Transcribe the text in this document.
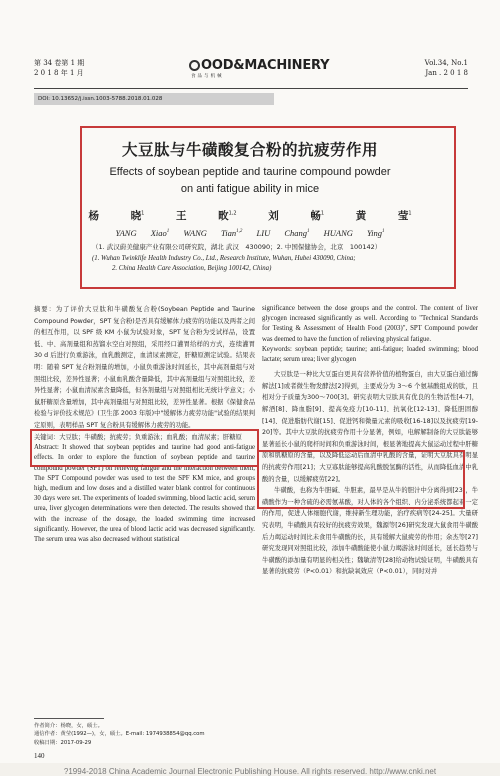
第 34 卷第 1 期
2 0 1 8 年 1 月	OOD&MACHINERY
食 品 与 机 械
Vol.34, No.1
Jan . 2 0 1 8
DOI: 10.13652/j.issn.1003-5788.2018.01.028
大豆肽与牛磺酸复合粉的抗疲劳作用
Effects of soybean peptide and taurine compound powder
on anti fatigue ability in mice
杨 晓$^1$	王 畋$^{1,2}$	刘 畅$^1$	黄 莹$^1$
YANG Xiao$^1$ WANG Tian$^{1,2}$ LIU Chang$^1$ HUANG Ying$^1$
（1. 武汉蔚美健康产业有限公司研究院，湖北 武汉　430090；2. 中国保健协会，北京　100142）
(1. Wuhan Twinklife Health Industry Co., Ltd., Research Institute, Wuhan, Hubei 430090, China;
2. China Health Care Association, Beijing 100142, China)

摘要：为了评价大豆肽和牛磺酸复合粉(Soybean Peptide and Taurine Compound Powder，SPT 复合粉)是否具有缓解体力疲劳的功能以及两者之间的相互作用，以 SPF 级 KM 小鼠为试验对象，SPT 复合粉为受试样品，设置低、中、高剂量组和蒸馏水空白对照组，采用经口灌胃给样的方式，连续灌胃 30 d 后进行负重游泳，血乳酸测定，血清尿素测定，肝糖原测定试验。结果表明：随着 SPT 复合粉剂量的增加，小鼠负重游泳时间延长，其中高剂量组与对照组比较，差异性显著；小鼠血乳酸含量降低，其中高剂量组与对照组比较，差异性显著；小鼠血清尿素含量降低，但各剂量组与对照组相比无统计学意义；小鼠肝糖原含量增加，其中高剂量组与对照组比较，差异性显著。根据《保健食品检验与评价技术规范》(卫生部 2003 年版)中"缓解体力疲劳功能"试验的结果判定原则，表明样品 SPT 复合粉具有缓解体力疲劳的功能。

关键词：大豆肽；牛磺酸；抗疲劳；负重游泳；血乳酸；血清尿素；肝糖原

Abstract: It showed that soybean peptides and taurine had good anti-fatigue effects. In order to explore the function of soybean peptide and taurine compound powder (SPT) on relieving fatigue and the interaction between them, The SPT Compound powder was used to test the SPF KM mice, and groups high, medium and low doses and a distilled water blank control for continuous 30 days were set. The experiments of loaded swimming, blood lactic acid, serum urea, liver glycogen determinations were then detected. The results showed that with the increase of the dosage, the loaded swimming time increased significantly. However, the urea of blood lactic acid was decreased significantly. The serum urea was also decreased without statistical

significance between the dose groups and the control. The content of liver glycogen increased significantly as well. According to "Technical Standards for Testing & Assessment of Health Food (2003)", SPT Compound powder was deemed to have the function of relieving physical fatigue.

Keywords: soybean peptide; taurine; anti-fatigue; loaded swimming; blood lactate; serum urea; liver glycogen

大豆肽是一种比大豆蛋白更具有营养价值的植物蛋白，由大豆蛋白通过酶解法[1]或者微生物发酵法[2]得到，主要成分为 3～6 个氨基酸组成的肽，且相对分子质量为300～700[3]。研究表明大豆肽具有优良的生物活性[4-7]，解酒[8]、降血脂[9]、提高免疫力[10-11]、抗氧化[12-13]、降低胆固醇[14]、促进脂肪代谢[15]、促进钙和微量元素的吸收[16-18]以及抗疲劳[19-20]等。其中大豆肽的抗疲劳作用十分显著，例如，电解解制备的大豆肽能够显著延长小鼠的爬杆时间和负重游泳时间，根显著地提高大鼠运动过程中肝糖原和肌糖原的含量，以及降低运动后血清中乳酸的含量，证明大豆肽具有明显的抗疲劳作用[21]；大豆寡肽能够提高乳酸脱氢酶的活性，从而降低血清中乳酸的含量，以缓解疲劳[22]。

牛磺酸，也称为牛胆碱、牛胆素，最早是从牛的胆汁中分离得到[23]，牛磺酸作为一种含硫的必需氨基酸，对人体的各个组织、内分泌系统都起着一定的作用，促进人体细胞代谢，维持新生理功能，治疗疾病等[24-25]。大量研究表明，牛磺酸具有较好的抗疲劳效果，魏源等[26]研究发现大鼠食用牛磺酸后力竭运动时间比未食用牛磺酸的长，具有缓解大鼠疲劳的作用；余杰等[27]研究发现同对照组比较，添加牛磺酸能使小鼠力竭游泳时间延长，延长趋势与牛磺酸的添加量有明显的相关性；魏敏清等[28]给动物试验证明，牛磺酸具有显著的抗疲劳（P<0.01）和抗缺氧效应（P<0.01），同时对并

作者简介：杨晓，女，硕士。
通信作者：黄莹(1992—)，女，硕士。E-mail: 1974938854@qq.com
收稿日期：2017-09-29
140
?1994-2018 China Academic Journal Electronic Publishing House. All rights reserved. http://www.cnki.net
